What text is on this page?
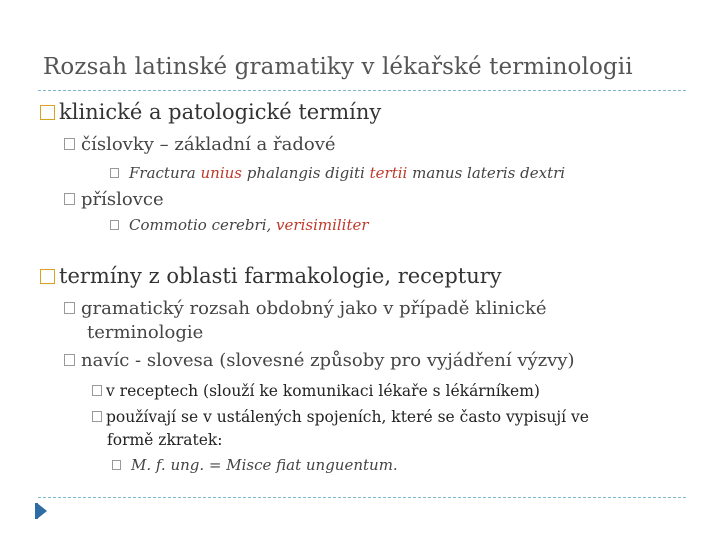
Rozsah latinské gramatiky v lékařské terminologii
klinické a patologické termíny
číslovky – základní a řadové
Fractura unius phalangis digiti tertii manus lateris dextri
příslovce
Commotio cerebri, verisimiliter
termíny z oblasti farmakologie, receptury
gramatický rozsah obdobný jako v případě klinické
terminologie
navíc - slovesa (slovesné způsoby pro vyjádření výzvy)
v receptech (slouží ke komunikaci lékaře s lékárníkem)
používají se v ustálených spojeních, které se často vypisují ve
formě zkratek:
M. f. ung. = Misce fiat unguentum.
